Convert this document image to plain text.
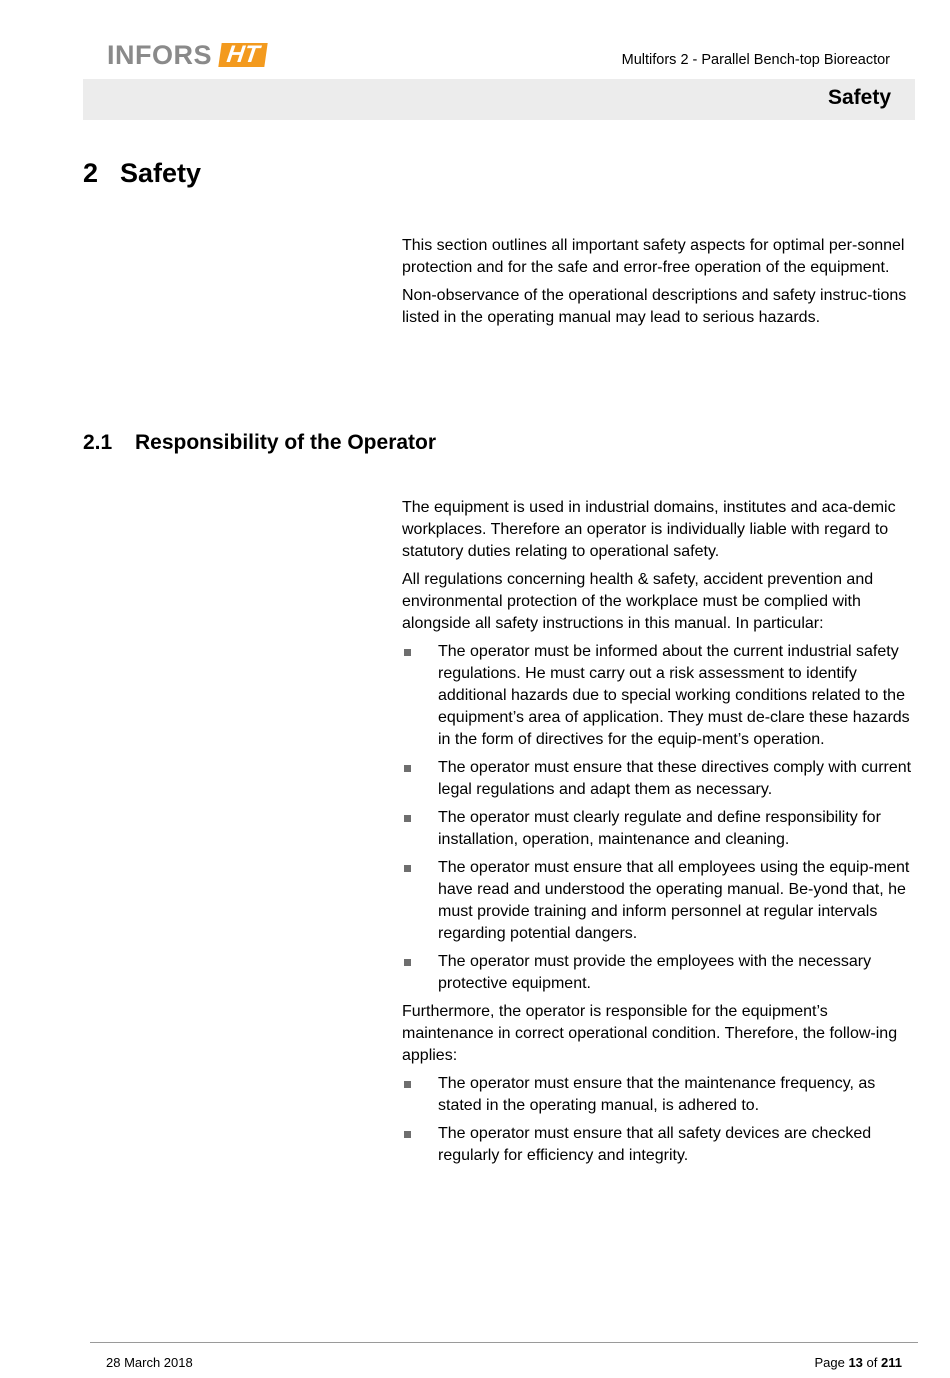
INFORS HT	Multifors 2 - Parallel Bench-top Bioreactor
Safety
2 Safety

This section outlines all important safety aspects for optimal per-sonnel protection and for the safe and error-free operation of the equipment.

Non-observance of the operational descriptions and safety instruc-tions listed in the operating manual may lead to serious hazards.

2.1 Responsibility of the Operator

The equipment is used in industrial domains, institutes and aca-demic workplaces. Therefore an operator is individually liable with regard to statutory duties relating to operational safety.

All regulations concerning health & safety, accident prevention and environmental protection of the workplace must be complied with alongside all safety instructions in this manual. In particular:

The operator must be informed about the current industrial safety regulations. He must carry out a risk assessment to identify additional hazards due to special working conditions related to the equipment’s area of application. They must de-clare these hazards in the form of directives for the equip-ment’s operation.
The operator must ensure that these directives comply with current legal regulations and adapt them as necessary.
The operator must clearly regulate and define responsibility for installation, operation, maintenance and cleaning.
The operator must ensure that all employees using the equip-ment have read and understood the operating manual. Be-yond that, he must provide training and inform personnel at regular intervals regarding potential dangers.
The operator must provide the employees with the necessary protective equipment.

Furthermore, the operator is responsible for the equipment’s maintenance in correct operational condition. Therefore, the follow-ing applies:

The operator must ensure that the maintenance frequency, as stated in the operating manual, is adhered to.
The operator must ensure that all safety devices are checked regularly for efficiency and integrity.
28 March 2018	Page 13 of 211
